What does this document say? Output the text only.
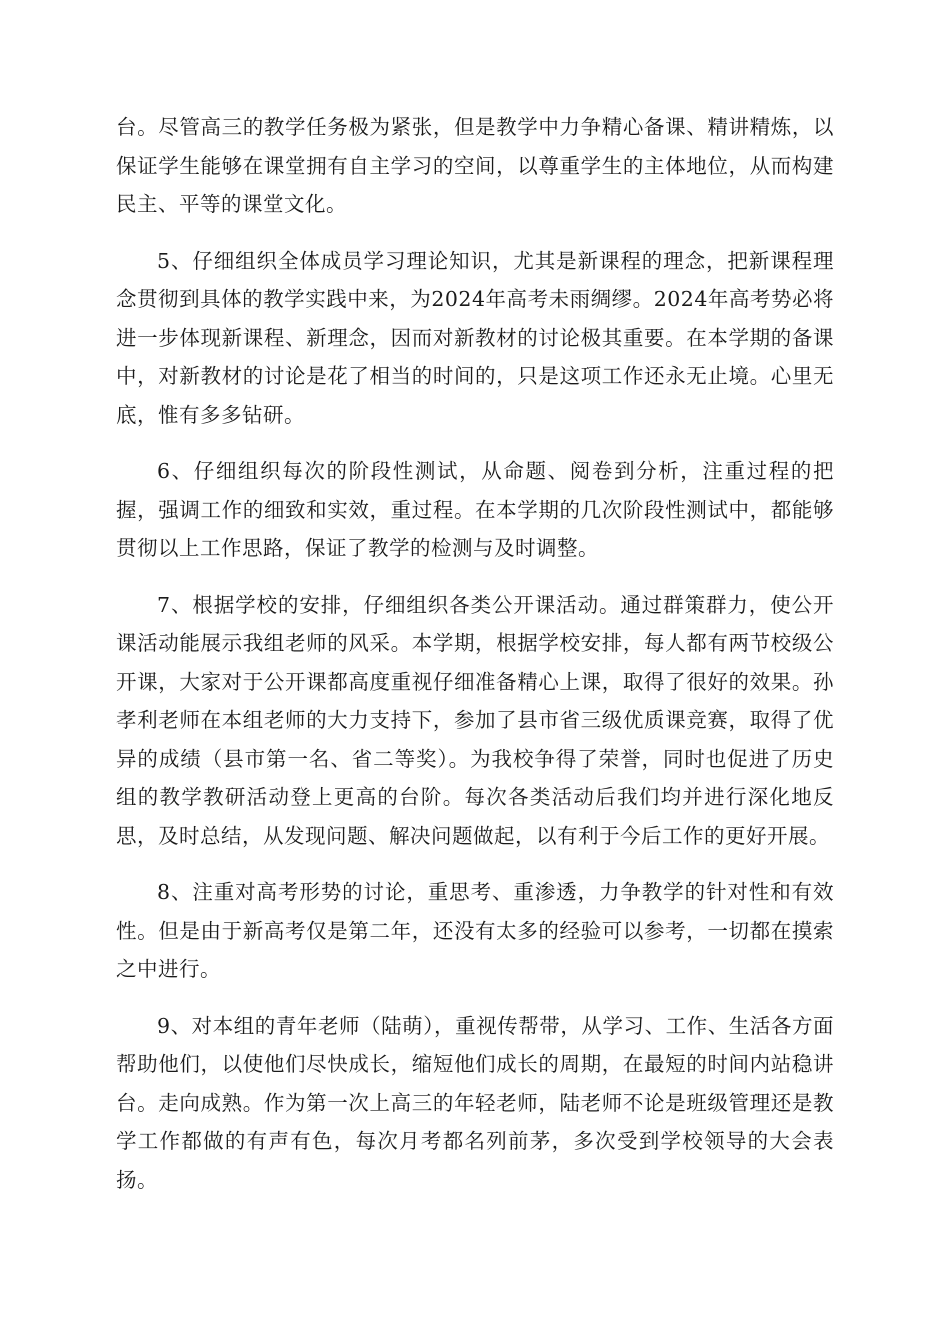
台。尽管高三的教学任务极为紧张，但是教学中力争精心备课、精讲精炼，以保证学生能够在课堂拥有自主学习的空间，以尊重学生的主体地位，从而构建民主、平等的课堂文化。

5、仔细组织全体成员学习理论知识，尤其是新课程的理念，把新课程理念贯彻到具体的教学实践中来，为2024年高考未雨绸缪。2024年高考势必将进一步体现新课程、新理念，因而对新教材的讨论极其重要。在本学期的备课中，对新教材的讨论是花了相当的时间的，只是这项工作还永无止境。心里无底，惟有多多钻研。

6、仔细组织每次的阶段性测试，从命题、阅卷到分析，注重过程的把握，强调工作的细致和实效，重过程。在本学期的几次阶段性测试中，都能够贯彻以上工作思路，保证了教学的检测与及时调整。

7、根据学校的安排，仔细组织各类公开课活动。通过群策群力，使公开课活动能展示我组老师的风采。本学期，根据学校安排，每人都有两节校级公开课，大家对于公开课都高度重视仔细准备精心上课，取得了很好的效果。孙孝利老师在本组老师的大力支持下，参加了县市省三级优质课竞赛，取得了优异的成绩（县市第一名、省二等奖）。为我校争得了荣誉，同时也促进了历史组的教学教研活动登上更高的台阶。每次各类活动后我们均并进行深化地反思，及时总结，从发现问题、解决问题做起，以有利于今后工作的更好开展。

8、注重对高考形势的讨论，重思考、重渗透，力争教学的针对性和有效性。但是由于新高考仅是第二年，还没有太多的经验可以参考，一切都在摸索之中进行。

9、对本组的青年老师（陆萌），重视传帮带，从学习、工作、生活各方面帮助他们，以使他们尽快成长，缩短他们成长的周期，在最短的时间内站稳讲台。走向成熟。作为第一次上高三的年轻老师，陆老师不论是班级管理还是教学工作都做的有声有色，每次月考都名列前茅，多次受到学校领导的大会表扬。
